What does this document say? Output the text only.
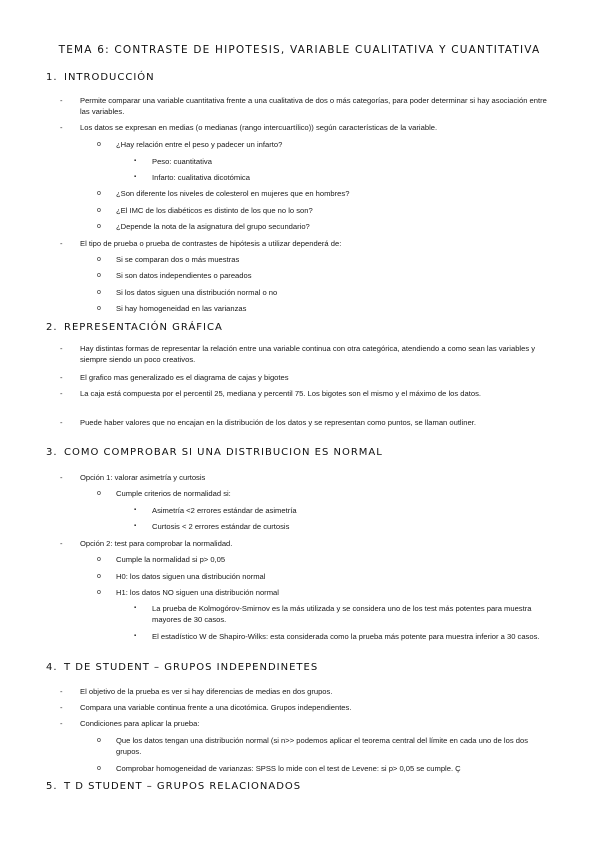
TEMA 6: CONTRASTE DE HIPOTESIS, VARIABLE CUALITATIVA Y CUANTITATIVA
1. INTRODUCCIÓN
-	Permite comparar una variable cuantitativa frente a una cualitativa de dos o más categorías, para poder determinar si hay asociación entre las variables.
-	Los datos se expresan en medias (o medianas (rango intercuartílico)) según características de la variable.
o	¿Hay relación entre el peso y padecer un infarto?
▪	Peso: cuantitativa
▪	Infarto: cualitativa dicotómica
o	¿Son diferente los niveles de colesterol en mujeres que en hombres?
o	¿El IMC de los diabéticos es distinto de los que no lo son?
o	¿Depende la nota de la asignatura del grupo secundario?
-	El tipo de prueba o prueba de contrastes de hipótesis a utilizar dependerá de:
o	Si se comparan dos o más muestras
o	Si son datos independientes o pareados
o	Si los datos siguen una distribución normal o no
o	Si hay homogeneidad en las varianzas
2. REPRESENTACIÓN GRÁFICA
-	Hay distintas formas de representar la relación entre una variable continua con otra categórica, atendiendo a como sean las variables y siempre siendo un poco creativos.
-	El grafico mas generalizado es el diagrama de cajas y bigotes
-	La caja está compuesta por el percentil 25, mediana y percentil 75. Los bigotes son el mismo y el máximo de los datos.
-	Puede haber valores que no encajan en la distribución de los datos y se representan como puntos, se llaman outliner.
3. COMO COMPROBAR SI UNA DISTRIBUCION ES NORMAL
-	Opción 1: valorar asimetría y curtosis
o	Cumple criterios de normalidad si:
▪	Asimetría <2 errores estándar de asimetría
▪	Curtosis < 2 errores estándar de curtosis
-	Opción 2: test para comprobar la normalidad.
o	Cumple la normalidad si p> 0,05
o	H0: los datos siguen una distribución normal
o	H1: los datos NO siguen una distribución normal
▪	La prueba de Kolmogórov-Smirnov es la más utilizada y se considera uno de los test más potentes para muestra mayores de 30 casos.
▪	El estadístico W de Shapiro-Wilks: esta considerada como la prueba más potente para muestra inferior a 30 casos.
4. T DE STUDENT – GRUPOS INDEPENDINETES
-	El objetivo de la prueba es ver si hay diferencias de medias en dos grupos.
-	Compara una variable continua frente a una dicotómica. Grupos independientes.
-	Condiciones para aplicar la prueba:
o	Que los datos tengan una distribución normal (si n>> podemos aplicar el teorema central del límite en cada uno de los dos grupos.
o	Comprobar homogeneidad de varianzas: SPSS lo mide con el test de Levene: si p> 0,05 se cumple. Ç
5. T D STUDENT – GRUPOS RELACIONADOS
